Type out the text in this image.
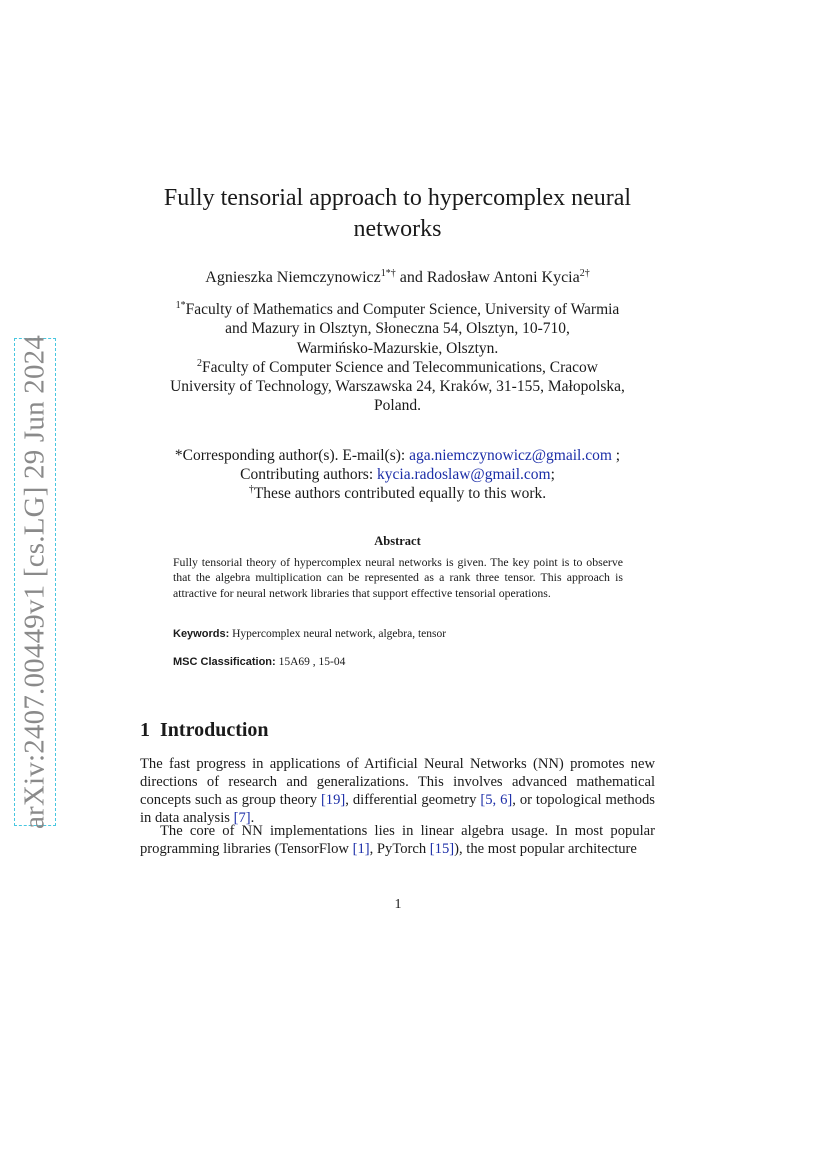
arXiv:2407.00449v1 [cs.LG] 29 Jun 2024
Fully tensorial approach to hypercomplex neural
networks
Agnieszka Niemczynowicz$^{1*\dagger}$ and Radosław Antoni Kycia$^{2\dagger}$
$^{1*}$Faculty of Mathematics and Computer Science, University of Warmia
and Mazury in Olsztyn, Słoneczna 54, Olsztyn, 10-710,
Warmińsko-Mazurskie, Olsztyn.
$^2$Faculty of Computer Science and Telecommunications, Cracow
University of Technology, Warszawska 24, Kraków, 31-155, Małopolska,
Poland.
*Corresponding author(s). E-mail(s): aga.niemczynowicz@gmail.com ;
Contributing authors: kycia.radoslaw@gmail.com;
†These authors contributed equally to this work.
Abstract
Fully tensorial theory of hypercomplex neural networks is given. The key point is to observe that the algebra multiplication can be represented as a rank three tensor. This approach is attractive for neural network libraries that support effective tensorial operations.
Keywords: Hypercomplex neural network, algebra, tensor
MSC Classification: 15A69 , 15-04
1 Introduction

The fast progress in applications of Artificial Neural Networks (NN) promotes new directions of research and generalizations. This involves advanced mathematical concepts such as group theory [19], differential geometry [5, 6], or topological methods in data analysis [7].

The core of NN implementations lies in linear algebra usage. In most popular programming libraries (TensorFlow [1], PyTorch [15]), the most popular architecture

1
